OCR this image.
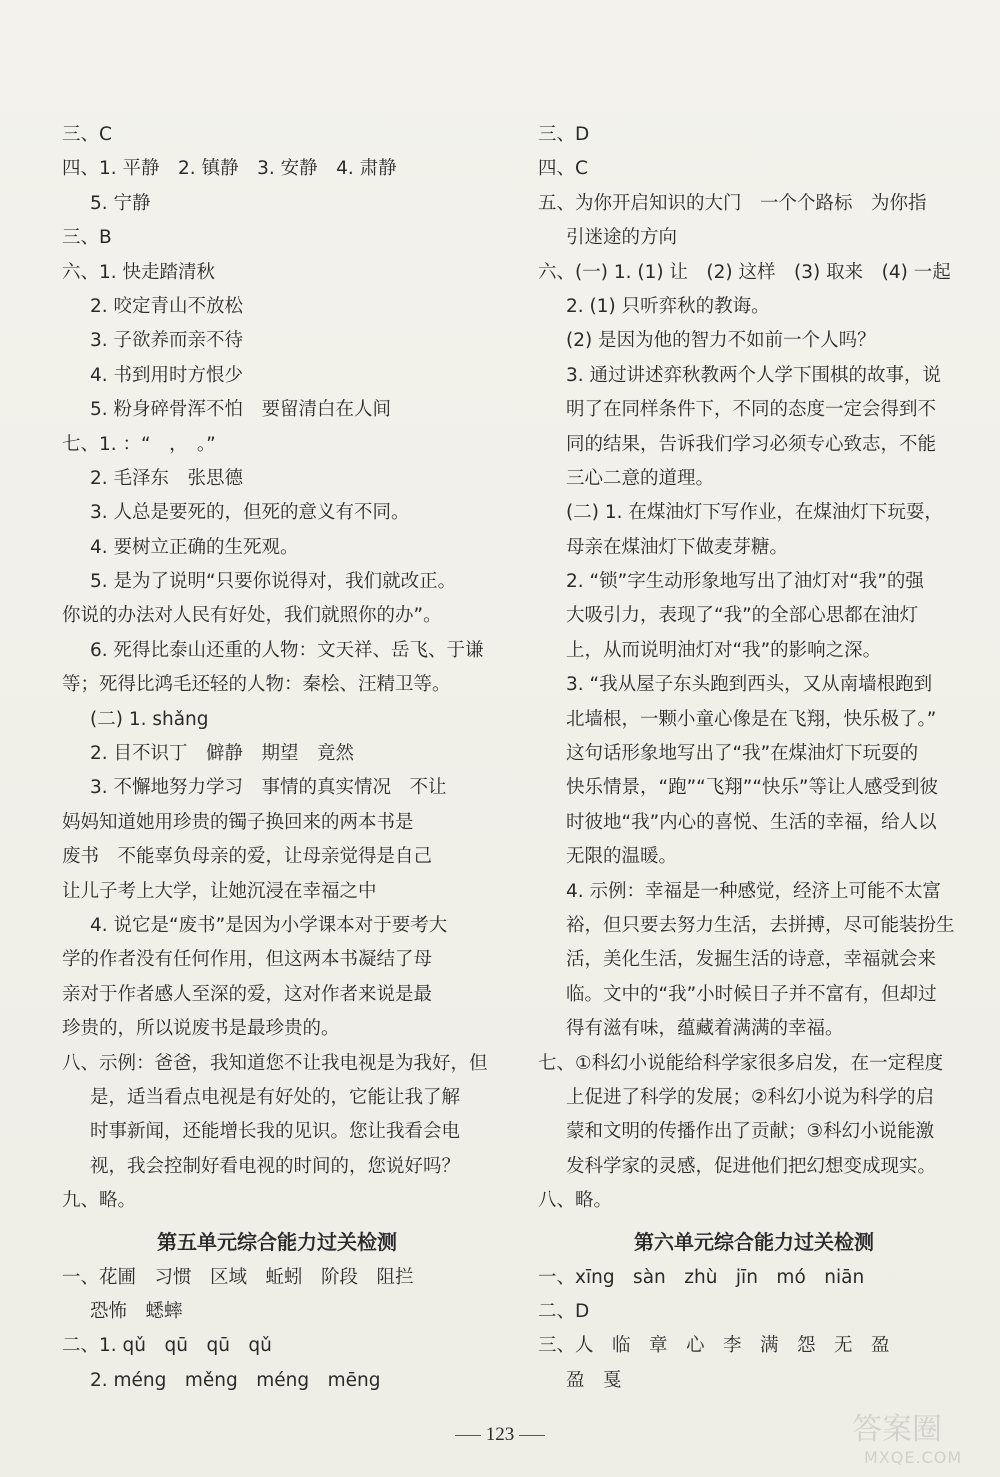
三、C
四、1. 平静　2. 镇静　3. 安静　4. 肃静
5. 宁静
三、B
六、1. 快走踏清秋
2. 咬定青山不放松
3. 子欲养而亲不待
4. 书到用时方恨少
5. 粉身碎骨浑不怕　要留清白在人间
七、1. ：“　，　。”
2. 毛泽东　张思德
3. 人总是要死的，但死的意义有不同。
4. 要树立正确的生死观。
5. 是为了说明“只要你说得对，我们就改正。
你说的办法对人民有好处，我们就照你的办”。
6. 死得比泰山还重的人物：文天祥、岳飞、于谦
等；死得比鸿毛还轻的人物：秦桧、汪精卫等。
(二) 1. shǎng
2. 目不识丁　僻静　期望　竟然
3. 不懈地努力学习　事情的真实情况　不让
妈妈知道她用珍贵的镯子换回来的两本书是
废书　不能辜负母亲的爱，让母亲觉得是自己
让儿子考上大学，让她沉浸在幸福之中
4. 说它是“废书”是因为小学课本对于要考大
学的作者没有任何作用，但这两本书凝结了母
亲对于作者感人至深的爱，这对作者来说是最
珍贵的，所以说废书是最珍贵的。
八、示例：爸爸，我知道您不让我电视是为我好，但
是，适当看点电视是有好处的，它能让我了解
时事新闻，还能增长我的见识。您让我看会电
视，我会控制好看电视的时间的，您说好吗？
九、略。
第五单元综合能力过关检测
一、花圃　习惯　区域　蚯蚓　阶段　阻拦
恐怖　蟋蟀
二、1. qǔ　qū　qū　qǔ
2. méng　měng　méng　mēng
三、D
四、C
五、为你开启知识的大门　一个个路标　为你指
引迷途的方向
六、(一) 1. (1) 让　(2) 这样　(3) 取来　(4) 一起
2. (1) 只听弈秋的教诲。
(2) 是因为他的智力不如前一个人吗？
3. 通过讲述弈秋教两个人学下围棋的故事，说
明了在同样条件下，不同的态度一定会得到不
同的结果，告诉我们学习必须专心致志，不能
三心二意的道理。
(二) 1. 在煤油灯下写作业，在煤油灯下玩耍，
母亲在煤油灯下做麦芽糖。
2. “锁”字生动形象地写出了油灯对“我”的强
大吸引力，表现了“我”的全部心思都在油灯
上，从而说明油灯对“我”的影响之深。
3. “我从屋子东头跑到西头，又从南墙根跑到
北墙根，一颗小童心像是在飞翔，快乐极了。”
这句话形象地写出了“我”在煤油灯下玩耍的
快乐情景，“跑”“飞翔”“快乐”等让人感受到彼
时彼地“我”内心的喜悦、生活的幸福，给人以
无限的温暖。
4. 示例：幸福是一种感觉，经济上可能不太富
裕，但只要去努力生活，去拼搏，尽可能装扮生
活，美化生活，发掘生活的诗意，幸福就会来
临。文中的“我”小时候日子并不富有，但却过
得有滋有味，蕴藏着满满的幸福。
七、①科幻小说能给科学家很多启发，在一定程度
上促进了科学的发展；②科幻小说为科学的启
蒙和文明的传播作出了贡献；③科幻小说能激
发科学家的灵感，促进他们把幻想变成现实。
八、略。
第六单元综合能力过关检测
一、xīng　sàn　zhù　jīn　mó　niān
二、D
三、人　临　章　心　李　满　怨　无　盈
盈　戛
123	答案圈
MXQE.COM
